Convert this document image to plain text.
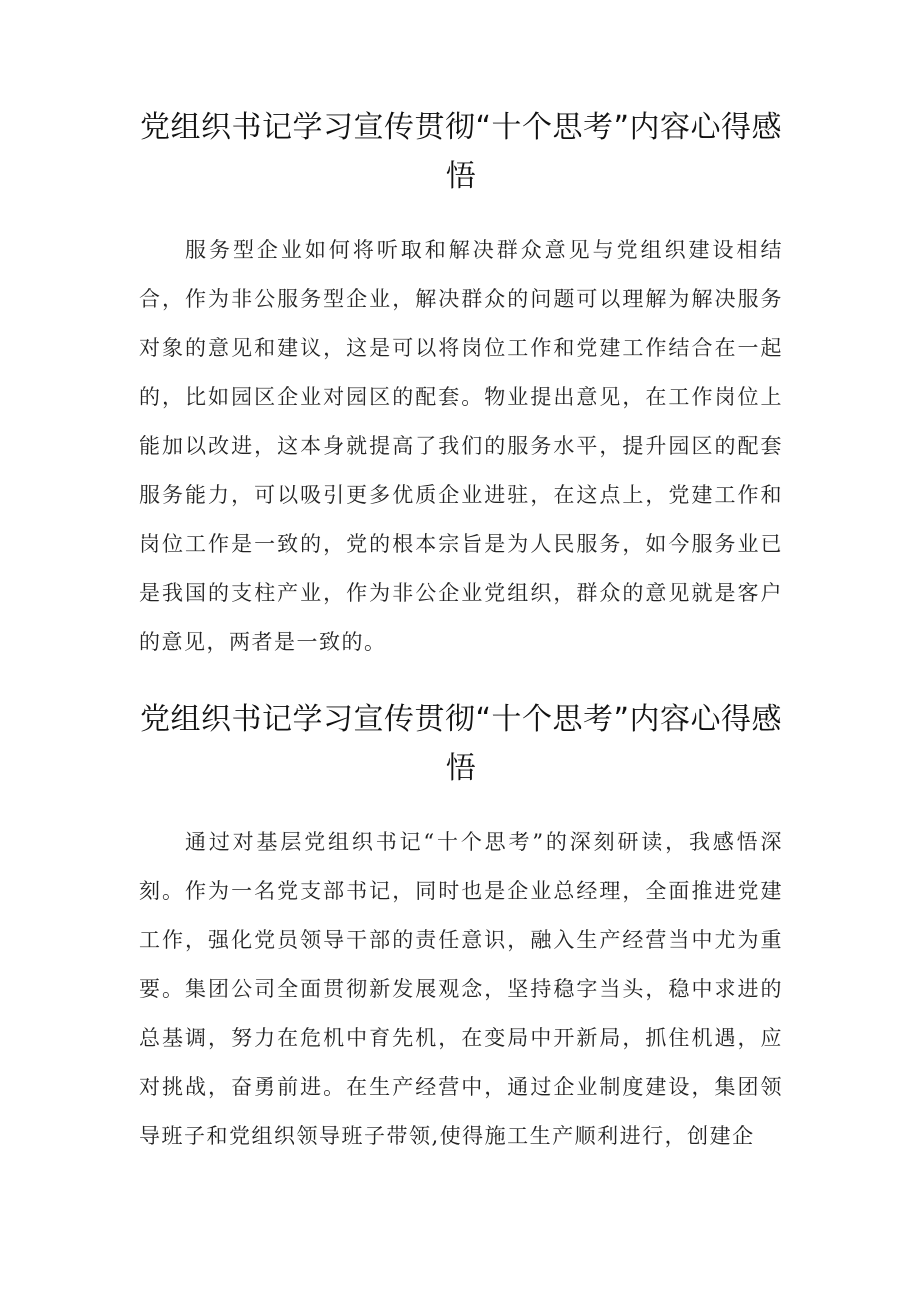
党组织书记学习宣传贯彻“十个思考”内容心得感悟

服务型企业如何将听取和解决群众意见与党组织建设相结合，作为非公服务型企业，解决群众的问题可以理解为解决服务对象的意见和建议，这是可以将岗位工作和党建工作结合在一起的，比如园区企业对园区的配套。物业提出意见，在工作岗位上能加以改进，这本身就提高了我们的服务水平，提升园区的配套服务能力，可以吸引更多优质企业进驻，在这点上，党建工作和岗位工作是一致的，党的根本宗旨是为人民服务，如今服务业已是我国的支柱产业，作为非公企业党组织，群众的意见就是客户的意见，两者是一致的。

党组织书记学习宣传贯彻“十个思考”内容心得感悟

通过对基层党组织书记“十个思考”的深刻研读，我感悟深刻。作为一名党支部书记，同时也是企业总经理，全面推进党建工作，强化党员领导干部的责任意识，融入生产经营当中尤为重要。集团公司全面贯彻新发展观念，坚持稳字当头，稳中求进的总基调，努力在危机中育先机，在变局中开新局，抓住机遇，应对挑战，奋勇前进。在生产经营中，通过企业制度建设，集团领导班子和党组织领导班子带领,使得施工生产顺利进行，创建企
